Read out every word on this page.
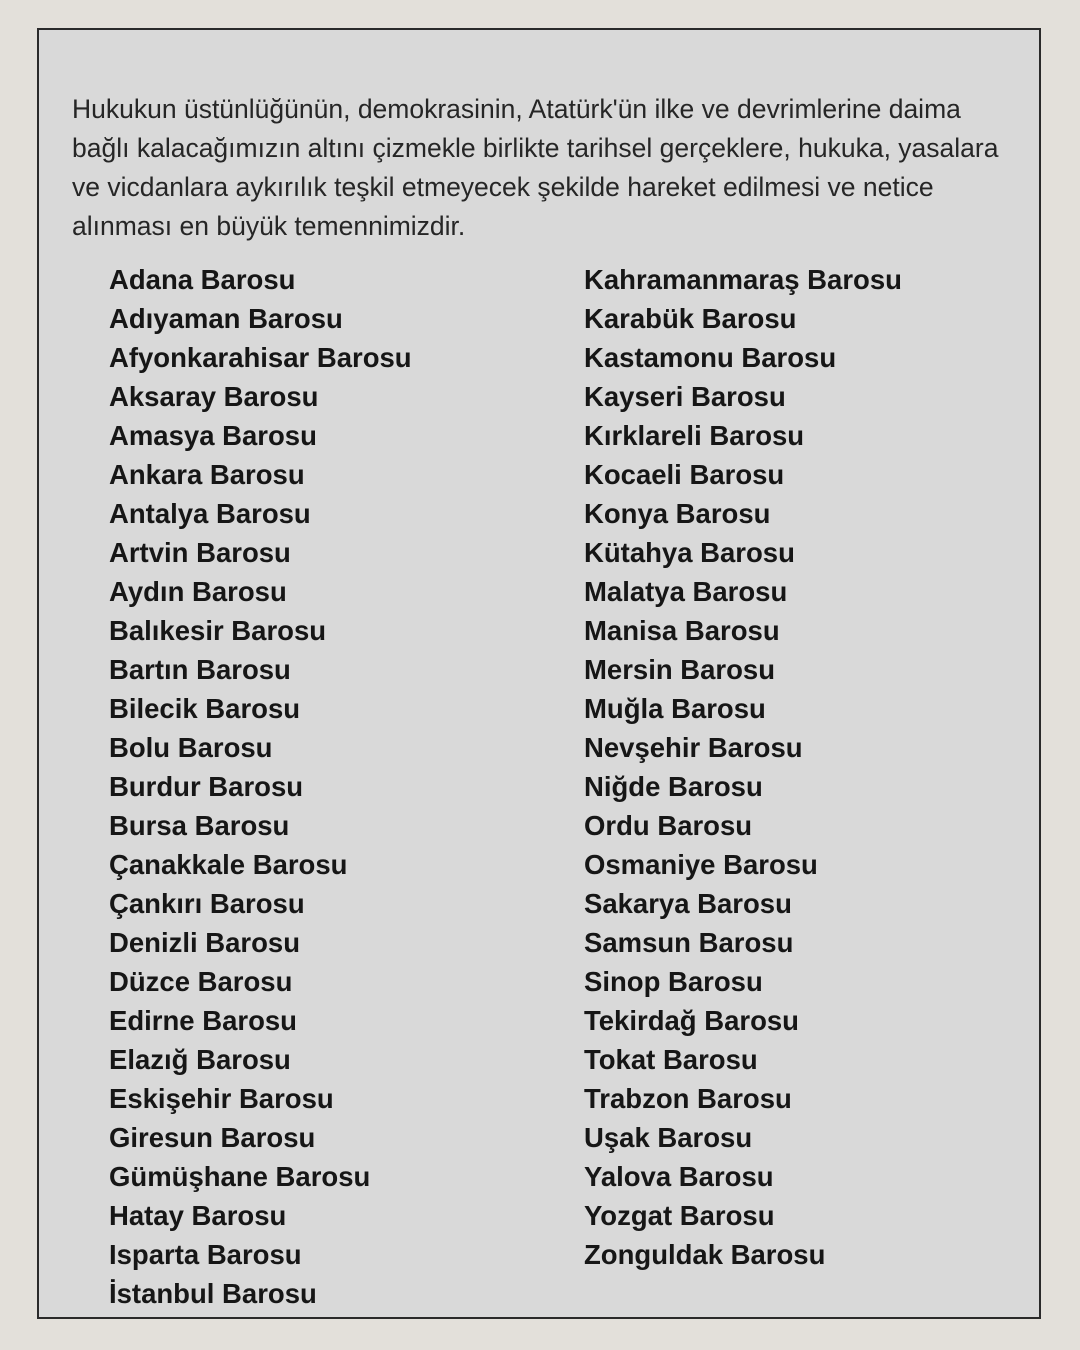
Hukukun üstünlüğünün, demokrasinin, Atatürk'ün ilke ve devrimlerine daima bağlı kalacağımızın altını çizmekle birlikte tarihsel gerçeklere, hukuka, yasalara ve vicdanlara aykırılık teşkil etmeyecek şekilde hareket edilmesi ve netice alınması en büyük temennimizdir.

Adana Barosu
Adıyaman Barosu
Afyonkarahisar Barosu
Aksaray Barosu
Amasya Barosu
Ankara Barosu
Antalya Barosu
Artvin Barosu
Aydın Barosu
Balıkesir Barosu
Bartın Barosu
Bilecik Barosu
Bolu Barosu
Burdur Barosu
Bursa Barosu
Çanakkale Barosu
Çankırı Barosu
Denizli Barosu
Düzce Barosu
Edirne Barosu
Elazığ Barosu
Eskişehir Barosu
Giresun Barosu
Gümüşhane Barosu
Hatay Barosu
Isparta Barosu
İstanbul Barosu
Kahramanmaraş Barosu
Karabük Barosu
Kastamonu Barosu
Kayseri Barosu
Kırklareli Barosu
Kocaeli Barosu
Konya Barosu
Kütahya Barosu
Malatya Barosu
Manisa Barosu
Mersin Barosu
Muğla Barosu
Nevşehir Barosu
Niğde Barosu
Ordu Barosu
Osmaniye Barosu
Sakarya Barosu
Samsun Barosu
Sinop Barosu
Tekirdağ Barosu
Tokat Barosu
Trabzon Barosu
Uşak Barosu
Yalova Barosu
Yozgat Barosu
Zonguldak Barosu
